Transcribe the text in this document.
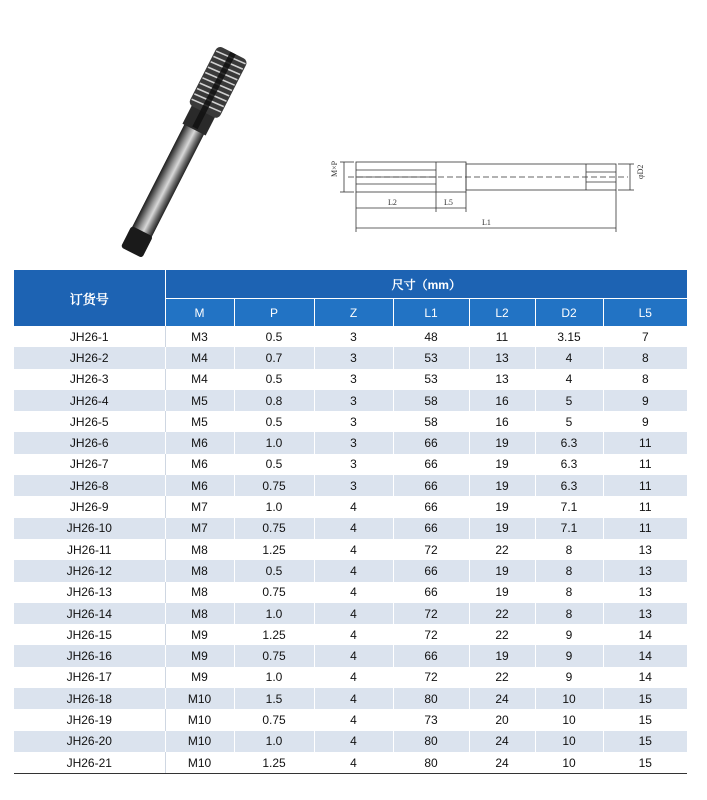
M×P	φD2
L2	L5
L1
订货号	尺寸（mm）						
	M	P	Z	L1	L2	D2	L5
JH26-1	M3	0.5	3	48	11	3.15	7
JH26-2	M4	0.7	3	53	13	4	8
JH26-3	M4	0.5	3	53	13	4	8
JH26-4	M5	0.8	3	58	16	5	9
JH26-5	M5	0.5	3	58	16	5	9
JH26-6	M6	1.0	3	66	19	6.3	11
JH26-7	M6	0.5	3	66	19	6.3	11
JH26-8	M6	0.75	3	66	19	6.3	11
JH26-9	M7	1.0	4	66	19	7.1	11
JH26-10	M7	0.75	4	66	19	7.1	11
JH26-11	M8	1.25	4	72	22	8	13
JH26-12	M8	0.5	4	66	19	8	13
JH26-13	M8	0.75	4	66	19	8	13
JH26-14	M8	1.0	4	72	22	8	13
JH26-15	M9	1.25	4	72	22	9	14
JH26-16	M9	0.75	4	66	19	9	14
JH26-17	M9	1.0	4	72	22	9	14
JH26-18	M10	1.5	4	80	24	10	15
JH26-19	M10	0.75	4	73	20	10	15
JH26-20	M10	1.0	4	80	24	10	15
JH26-21	M10	1.25	4	80	24	10	15
